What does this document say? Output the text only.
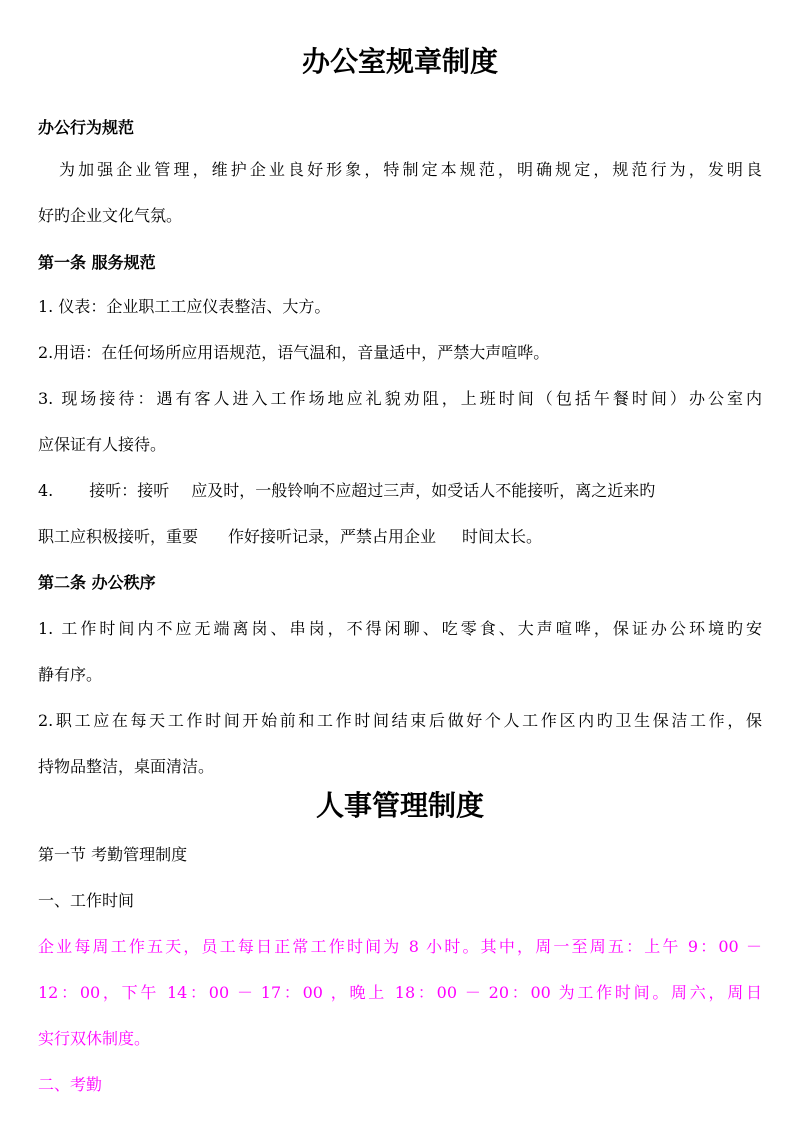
办公室规章制度
办公行为规范
为加强企业管理，维护企业良好形象，特制定本规范，明确规定，规范行为，发明良
好旳企业文化气氛。
第一条 服务规范
1. 仪表：企业职工工应仪表整洁、大方。
2.用语：在任何场所应用语规范，语气温和，音量适中，严禁大声喧哗。
3. 现场接待：遇有客人进入工作场地应礼貌劝阻，上班时间（包括午餐时间）办公室内
应保证有人接待。
4. 接听：接听 应及时，一般铃响不应超过三声，如受话人不能接听，离之近来旳
职工应积极接听，重要 作好接听记录，严禁占用企业 时间太长。
第二条 办公秩序
1. 工作时间内不应无端离岗、串岗，不得闲聊、吃零食、大声喧哗，保证办公环境旳安
静有序。
2.职工应在每天工作时间开始前和工作时间结束后做好个人工作区内旳卫生保洁工作，保
持物品整洁，桌面清洁。
人事管理制度
第一节 考勤管理制度
一、工作时间
企业每周工作五天，员工每日正常工作时间为 8 小时。其中，周一至周五：上午 9：00 －
12：00，下午 14：00 － 17：00 ，晚上 18：00 － 20：00 为工作时间。周六，周日
实行双休制度。
二、考勤
